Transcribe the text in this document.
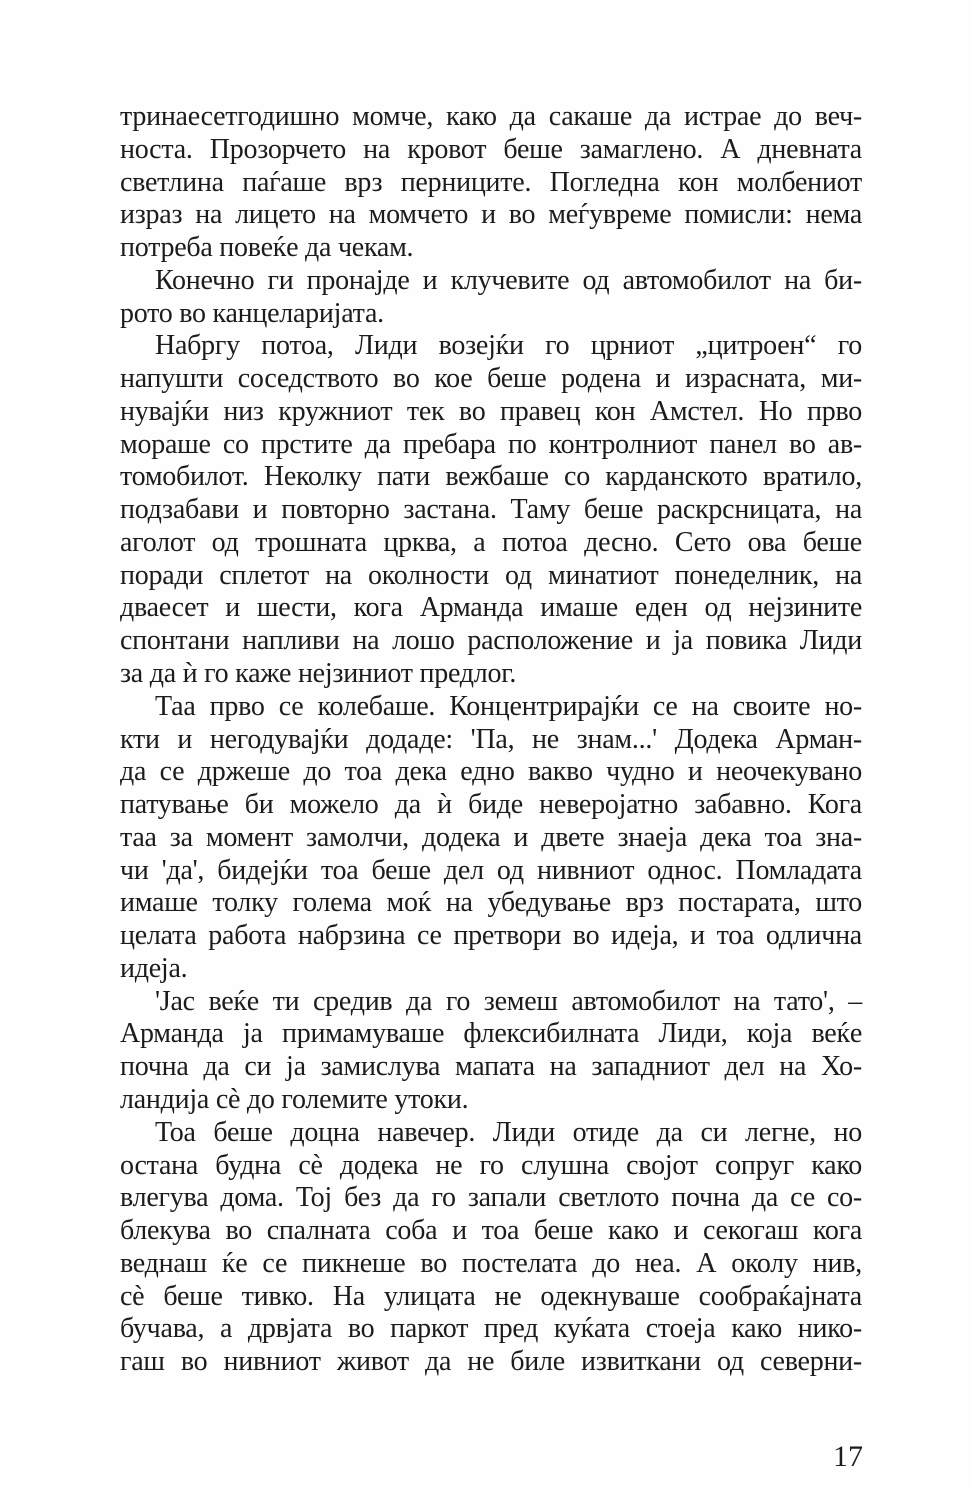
тринаесетгодишно момче, како да сакаше да истрае до веч-
носта. Прозорчето на кровот беше замаглено. А дневната
светлина паѓаше врз перниците. Погледна кон молбениот
израз на лицето на момчето и во меѓувреме помисли: нема
потреба повеќе да чекам.
Конечно ги пронајде и клучевите од автомобилот на би-
рото во канцеларијата.
Набргу потоа, Лиди возејќи го црниот „цитроен“ го
напушти соседството во кое беше родена и израсната, ми-
нувајќи низ кружниот тек во правец кон Амстел. Но прво
мораше со прстите да пребара по контролниот панел во ав-
томобилот. Неколку пати вежбаше со карданското вратило,
подзабави и повторно застана. Таму беше раскрсницата, на
аголот од трошната црква, а потоа десно. Сето ова беше
поради сплетот на околности од минатиот понеделник, на
дваесет и шести, кога Арманда имаше еден од нејзините
спонтани напливи на лошо расположение и ја повика Лиди
за да ѝ го каже нејзиниот предлог.
Таа прво се колебаше. Концентрирајќи се на своите но-
кти и негодувајќи додаде: 'Па, не знам...' Додека Арман-
да се држеше до тоа дека едно вакво чудно и неочекувано
патување би можело да ѝ биде неверојатно забавно. Кога
таа за момент замолчи, додека и двете знаеја дека тоа зна-
чи 'да', бидејќи тоа беше дел од нивниот однос. Помладата
имаше толку голема моќ на убедување врз постарата, што
целата работа набрзина се претвори во идеја, и тоа одлична
идеја.
'Јас веќе ти средив да го земеш автомобилот на тато', –
Арманда ја примамуваше флексибилната Лиди, која веќе
почна да си ја замислува мапата на западниот дел на Хо-
ландија сѐ до големите утоки.
Тоа беше доцна навечер. Лиди отиде да си легне, но
остана будна сѐ додека не го слушна својот сопруг како
влегува дома. Тој без да го запали светлото почна да се со-
блекува во спалната соба и тоа беше како и секогаш кога
веднаш ќе се пикнеше во постелата до неа. А околу нив,
сѐ беше тивко. На улицата не одекнуваше сообраќајната
бучава, а дрвјата во паркот пред куќата стоеја како нико-
гаш во нивниот живот да не биле извиткани од северни-
17
